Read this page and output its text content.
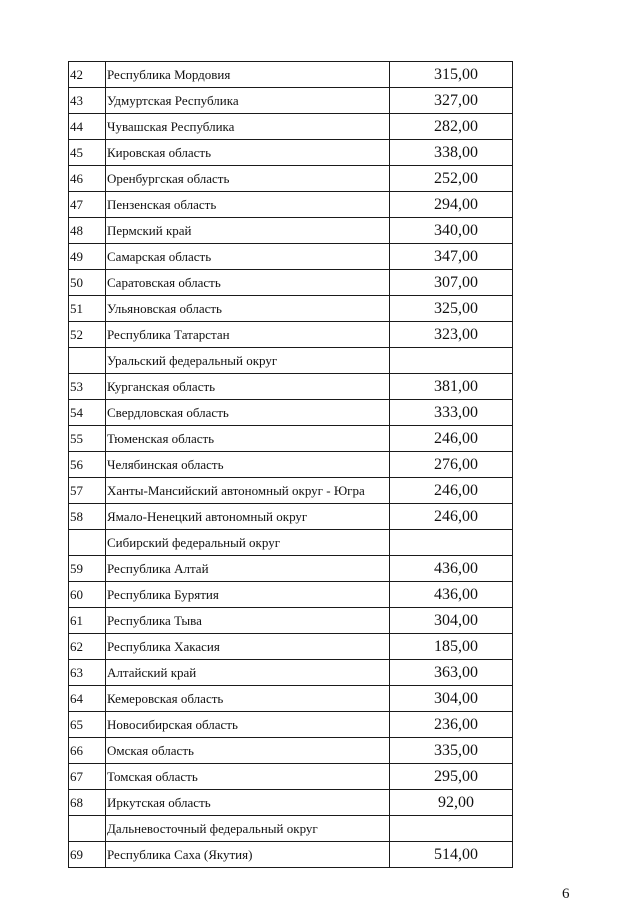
42	Республика Мордовия	315,00
43	Удмуртская Республика	327,00
44	Чувашская Республика	282,00
45	Кировская область	338,00
46	Оренбургская область	252,00
47	Пензенская область	294,00
48	Пермский край	340,00
49	Самарская область	347,00
50	Саратовская область	307,00
51	Ульяновская область	325,00
52	Республика Татарстан	323,00
	Уральский федеральный округ	
53	Курганская область	381,00
54	Свердловская область	333,00
55	Тюменская область	246,00
56	Челябинская область	276,00
57	Ханты-Мансийский автономный округ - Югра	246,00
58	Ямало-Ненецкий автономный округ	246,00
	Сибирский федеральный округ	
59	Республика Алтай	436,00
60	Республика Бурятия	436,00
61	Республика Тыва	304,00
62	Республика Хакасия	185,00
63	Алтайский край	363,00
64	Кемеровская область	304,00
65	Новосибирская область	236,00
66	Омская область	335,00
67	Томская область	295,00
68	Иркутская область	92,00
	Дальневосточный федеральный округ	
69	Республика Саха (Якутия)	514,00
6
